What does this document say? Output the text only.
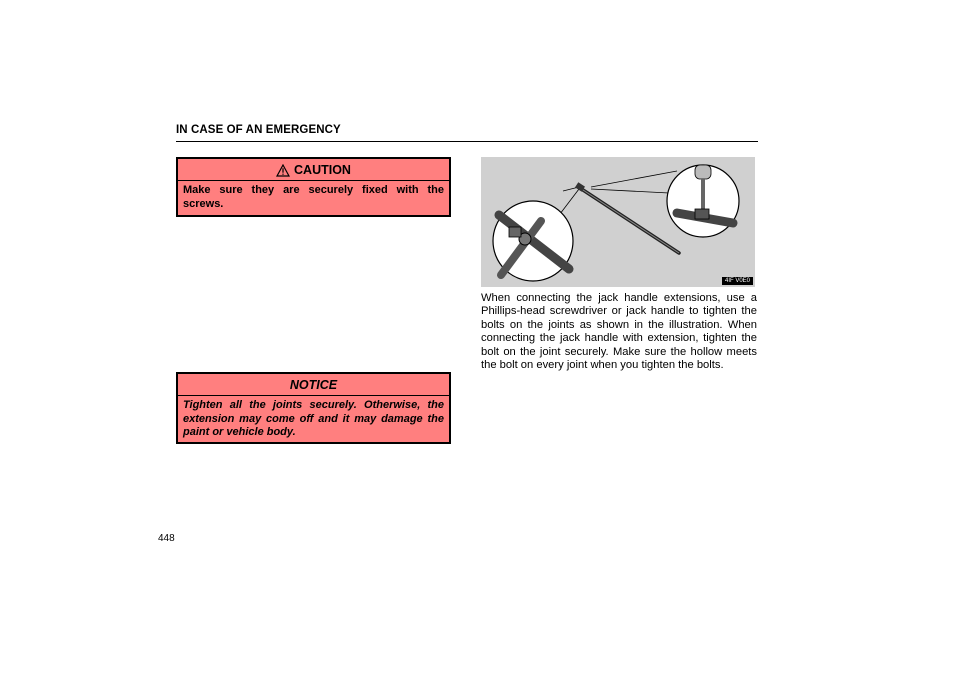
IN CASE OF AN EMERGENCY
CAUTION
Make sure they are securely fixed with the screws.
NOTICE
Tighten all the joints securely. Otherwise, the extension may come off and it may damage the paint or vehicle body.
4IF V0E0
When connecting the jack handle extensions, use a Phillips-head screwdriver or jack handle to tighten the bolts on the joints as shown in the illustration. When connecting the jack handle with extension, tighten the bolt on the joint securely. Make sure the hollow meets the bolt on every joint when you tighten the bolts.
448
